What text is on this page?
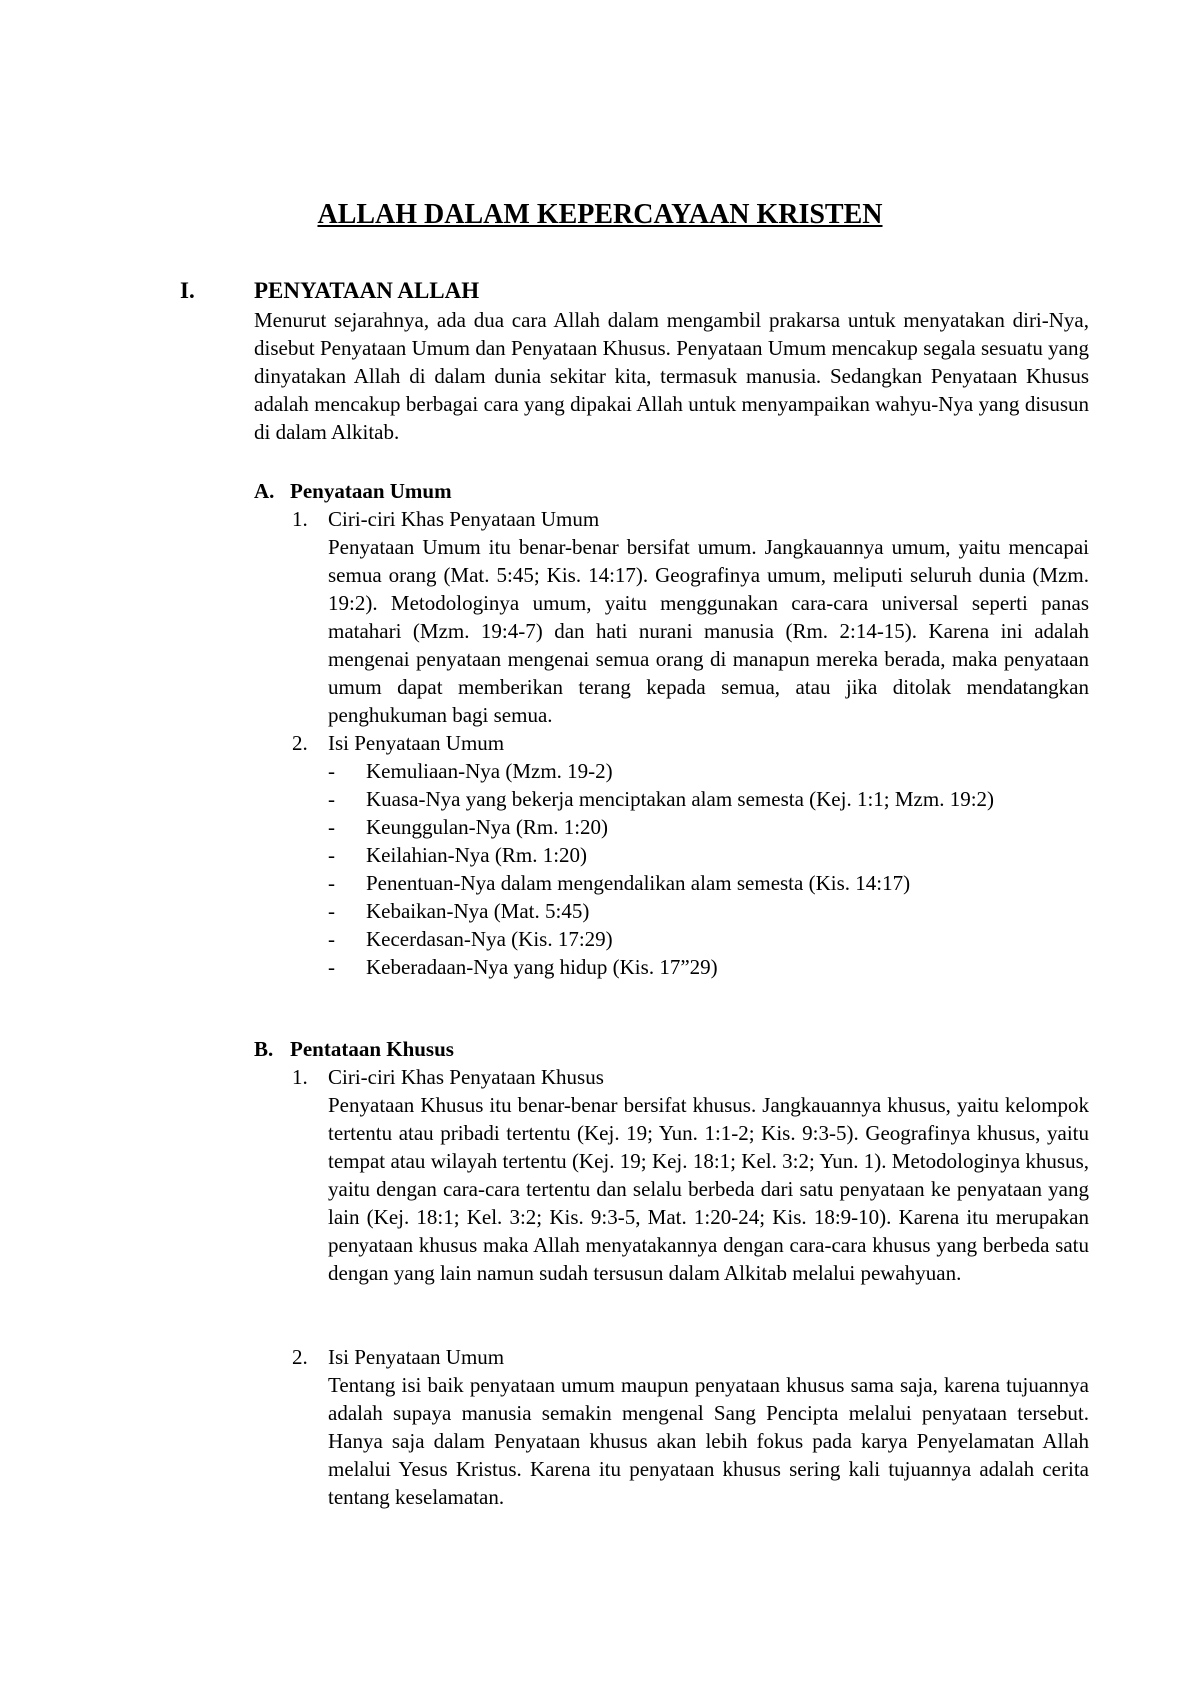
ALLAH DALAM KEPERCAYAAN KRISTEN
I.	PENYATAAN ALLAH
Menurut sejarahnya, ada dua cara Allah dalam mengambil prakarsa untuk menyatakan diri-Nya, disebut Penyataan Umum dan Penyataan Khusus. Penyataan Umum mencakup segala sesuatu yang dinyatakan Allah di dalam dunia sekitar kita, termasuk manusia. Sedangkan Penyataan Khusus adalah mencakup berbagai cara yang dipakai Allah untuk menyampaikan wahyu-Nya yang disusun di dalam Alkitab.
A. Penyataan Umum
1. Ciri-ciri Khas Penyataan Umum
Penyataan Umum itu benar-benar bersifat umum. Jangkauannya umum, yaitu mencapai semua orang (Mat. 5:45; Kis. 14:17). Geografinya umum, meliputi seluruh dunia (Mzm. 19:2). Metodologinya umum, yaitu menggunakan cara-cara universal seperti panas matahari (Mzm. 19:4-7) dan hati nurani manusia (Rm. 2:14-15). Karena ini adalah mengenai penyataan mengenai semua orang di manapun mereka berada, maka penyataan umum dapat memberikan terang kepada semua, atau jika ditolak mendatangkan penghukuman bagi semua.
2. Isi Penyataan Umum
- Kemuliaan-Nya (Mzm. 19-2)
- Kuasa-Nya yang bekerja menciptakan alam semesta (Kej. 1:1; Mzm. 19:2)
- Keunggulan-Nya (Rm. 1:20)
- Keilahian-Nya (Rm. 1:20)
- Penentuan-Nya dalam mengendalikan alam semesta (Kis. 14:17)
- Kebaikan-Nya (Mat. 5:45)
- Kecerdasan-Nya (Kis. 17:29)
- Keberadaan-Nya yang hidup (Kis. 17”29)
B. Pentataan Khusus
1. Ciri-ciri Khas Penyataan Khusus
Penyataan Khusus itu benar-benar bersifat khusus. Jangkauannya khusus, yaitu kelompok tertentu atau pribadi tertentu (Kej. 19; Yun. 1:1-2; Kis. 9:3-5). Geografinya khusus, yaitu tempat atau wilayah tertentu (Kej. 19; Kej. 18:1; Kel. 3:2; Yun. 1). Metodologinya khusus, yaitu dengan cara-cara tertentu dan selalu berbeda dari satu penyataan ke penyataan yang lain (Kej. 18:1; Kel. 3:2; Kis. 9:3-5, Mat. 1:20-24; Kis. 18:9-10). Karena itu merupakan penyataan khusus maka Allah menyatakannya dengan cara-cara khusus yang berbeda satu dengan yang lain namun sudah tersusun dalam Alkitab melalui pewahyuan.
2. Isi Penyataan Umum
Tentang isi baik penyataan umum maupun penyataan khusus sama saja, karena tujuannya adalah supaya manusia semakin mengenal Sang Pencipta melalui penyataan tersebut. Hanya saja dalam Penyataan khusus akan lebih fokus pada karya Penyelamatan Allah melalui Yesus Kristus. Karena itu penyataan khusus sering kali tujuannya adalah cerita tentang keselamatan.
